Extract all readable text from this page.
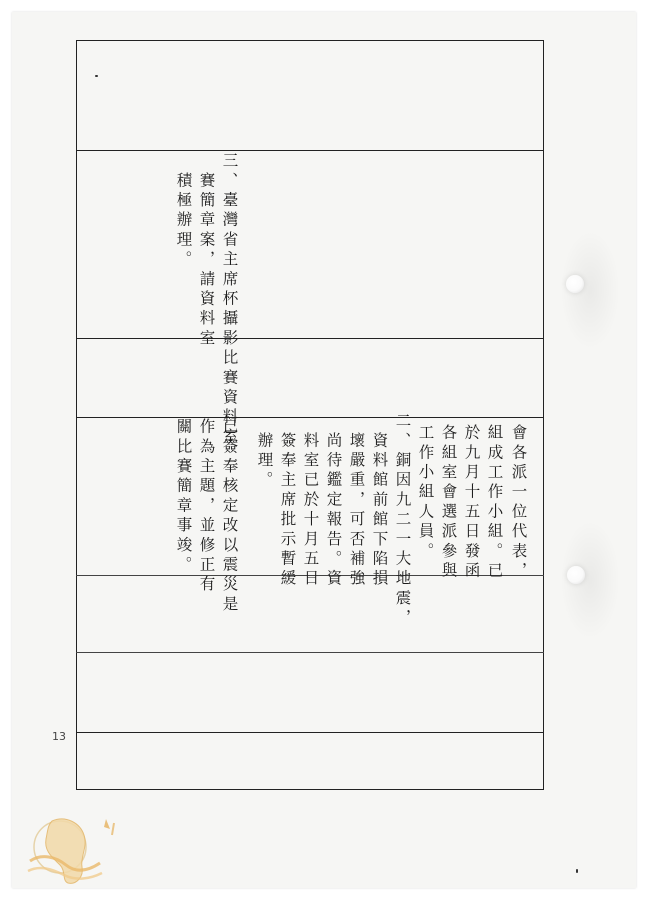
三、臺灣省主席杯攝影比賽資料室
　賽簡章案，請資料室
　積極辦理。
會各派一位代表，
組成工作小組。已
於九月十五日發函
各組室會選派參與
工作小組人員。
二、銅因九二一大地震，
　資料館前館下陷損
　壞嚴重，可否補強
　尚待鑑定報告。資
　料室已於十月五日
　簽奉主席批示暫緩
　辦理。
已簽奉核定改以震災是
作為主題，並修正有
關比賽簡章事竣。
13
